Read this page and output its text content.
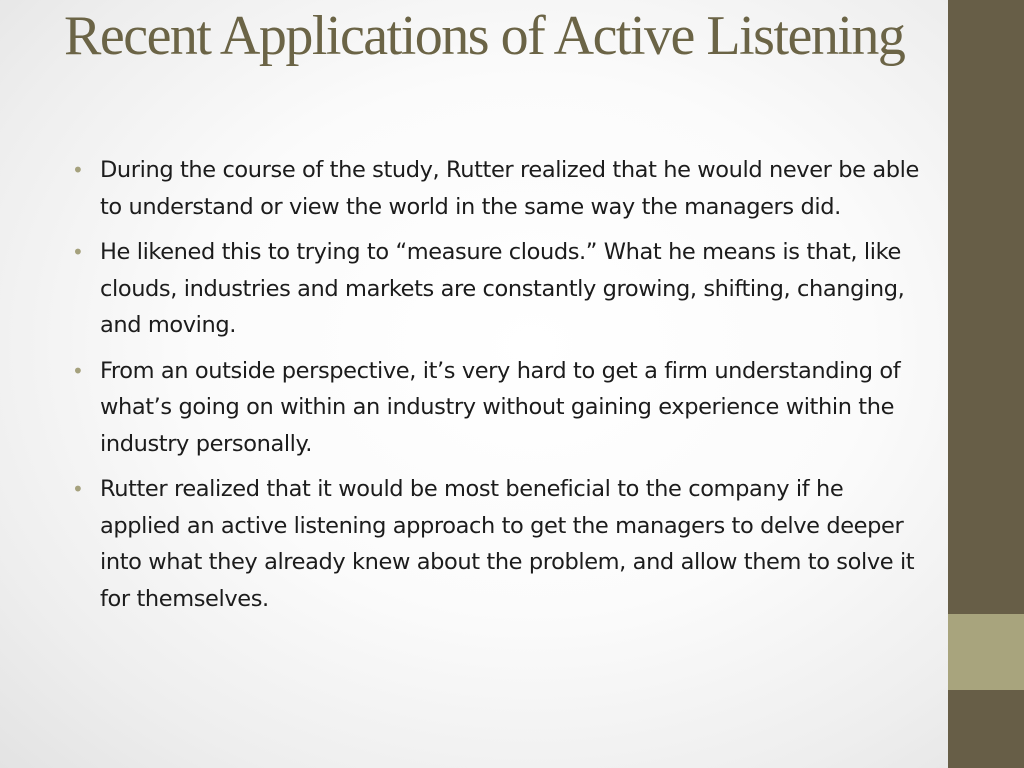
Recent Applications of Active Listening
• During the course of the study, Rutter realized that he would never be able to understand or view the world in the same way the managers did.
• He likened this to trying to “measure clouds.” What he means is that, like clouds, industries and markets are constantly growing, shifting, changing, and moving.
• From an outside perspective, it’s very hard to get a firm understanding of what’s going on within an industry without gaining experience within the industry personally.
• Rutter realized that it would be most beneficial to the company if he applied an active listening approach to get the managers to delve deeper into what they already knew about the problem, and allow them to solve it for themselves.
